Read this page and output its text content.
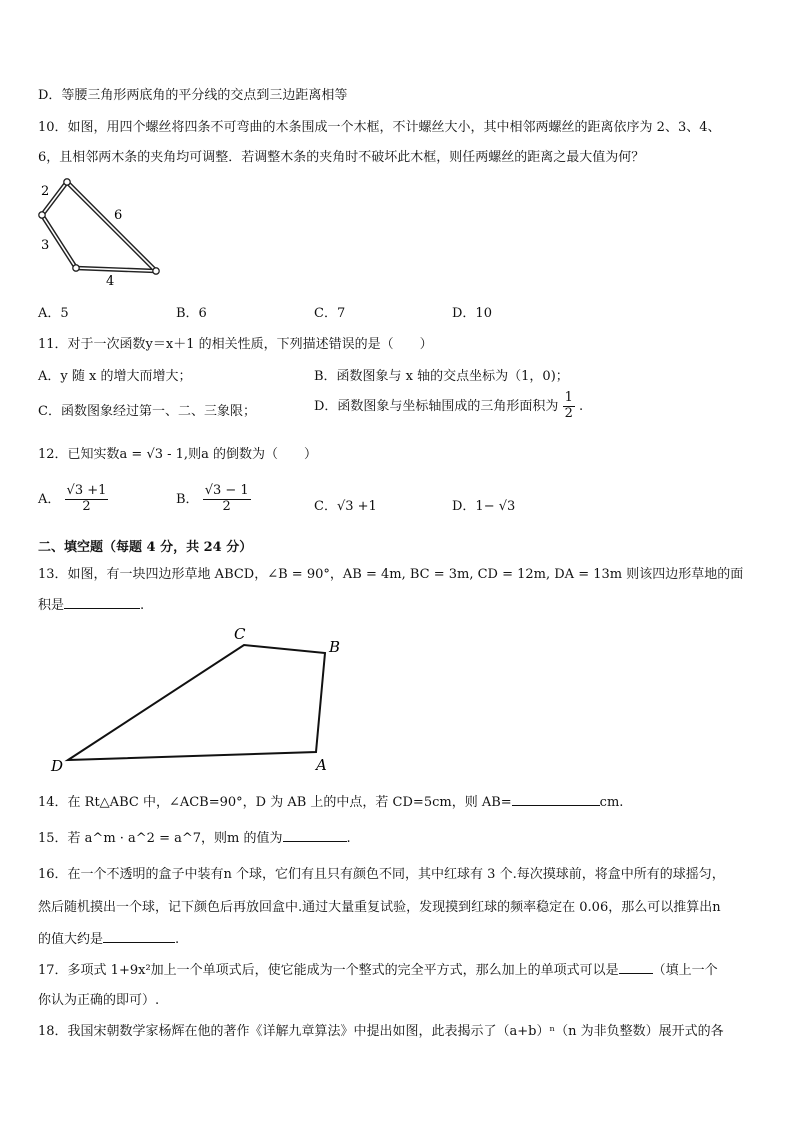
D．等腰三角形两底角的平分线的交点到三边距离相等
10．如图，用四个螺丝将四条不可弯曲的木条围成一个木框，不计螺丝大小，其中相邻两螺丝的距离依序为 2、3、4、
6，且相邻两木条的夹角均可调整．若调整木条的夹角时不破坏此木框，则任两螺丝的距离之最大值为何？
2
3
4
6
A．5	B．6	C．7	D．10
11．对于一次函数y＝x＋1 的相关性质，下列描述错误的是（　　）
A．y 随 x 的增大而增大；	B．函数图象与 x 轴的交点坐标为（1，0)；
C．函数图象经过第一、二、三象限；	D．函数图象与坐标轴围成的三角形面积为 $\frac{1}{2}$ .
12．已知实数a = √3 - 1,则a 的倒数为（　　）
A． $\frac{√3 +1}{2}$	B． $\frac{√3 - 1}{2}$	C．√3 +1	D．1− √3
二、填空题（每题 4 分，共 24 分）
13．如图，有一块四边形草地 ABCD，∠B = 90°，AB = 4m, BC = 3m, CD = 12m, DA = 13m 则该四边形草地的面
积是	.
C
B
D	A
14．在 Rt△ABC 中，∠ACB=90°，D 为 AB 上的中点，若 CD=5cm，则 AB=	cm.
15．若 a^m · a^2 = a^7，则m 的值为	.
16．在一个不透明的盒子中装有n 个球，它们有且只有颜色不同，其中红球有 3 个.每次摸球前，将盒中所有的球摇匀，
然后随机摸出一个球，记下颜色后再放回盒中.通过大量重复试验，发现摸到红球的频率稳定在 0.06，那么可以推算出n
的值大约是	.
17．多项式 1+9x²加上一个单项式后，使它能成为一个整式的完全平方式，那么加上的单项式可以是	（填上一个
你认为正确的即可）.
18．我国宋朝数学家杨辉在他的著作《详解九章算法》中提出如图，此表揭示了（a+b）ⁿ（n 为非负整数）展开式的各
